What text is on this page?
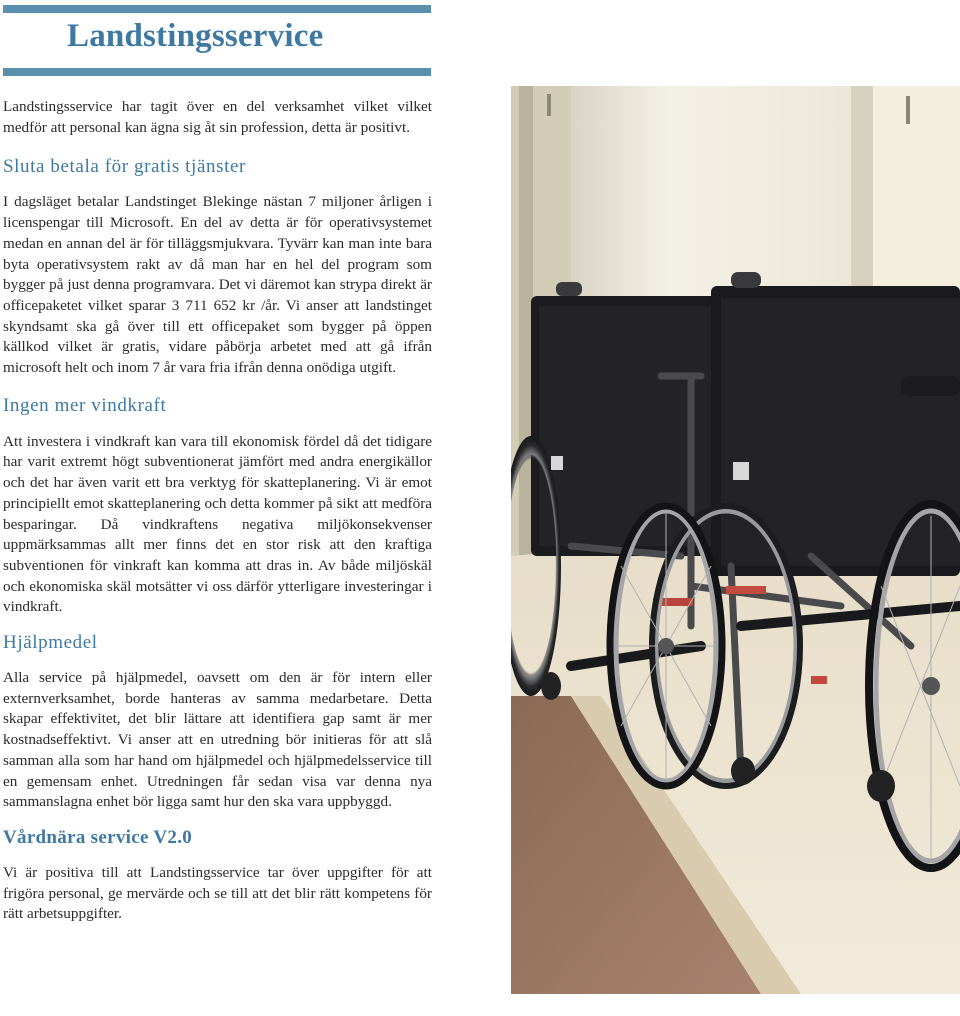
Landstingsservice

Landstingsservice har tagit över en del verksamhet vilket vilket medför att personal kan ägna sig åt sin profession, detta är positivt.

Sluta betala för gratis tjänster

I dagsläget betalar Landstinget Blekinge nästan 7 miljoner årligen i licenspengar till Microsoft. En del av detta är för operativsystemet medan en annan del är för tilläggsmjukvara. Tyvärr kan man inte bara byta operativsystem rakt av då man har en hel del program som bygger på just denna programvara. Det vi däremot kan strypa direkt är officepaketet vilket sparar 3 711 652 kr /år. Vi anser att landstinget skyndsamt ska gå över till ett officepaket som bygger på öppen källkod vilket är gratis, vidare påbörja arbetet med att gå ifrån microsoft helt och inom 7 år vara fria ifrån denna onödiga utgift.

Ingen mer vindkraft

Att investera i vindkraft kan vara till ekonomisk fördel då det tidigare har varit extremt högt subventionerat jämfört med andra energikällor och det har även varit ett bra verktyg för skatteplanering. Vi är emot principiellt emot skatteplanering och detta kommer på sikt att medföra besparingar. Då vindkraftens negativa miljökonsekvenser uppmärksammas allt mer finns det en stor risk att den kraftiga subventionen för vinkraft kan komma att dras in. Av både miljöskäl och ekonomiska skäl motsätter vi oss därför ytterligare investeringar i vindkraft.

Hjälpmedel

Alla service på hjälpmedel, oavsett om den är för intern eller externverksamhet, borde hanteras av samma medarbetare. Detta skapar effektivitet, det blir lättare att identifiera gap samt är mer kostnadseffektivt. Vi anser att en utredning bör initieras för att slå samman alla som har hand om hjälpmedel och hjälpmedelsservice till en gemensam enhet. Utredningen får sedan visa var denna nya sammanslagna enhet bör ligga samt hur den ska vara uppbyggd.

Vårdnära service V2.0

Vi är positiva till att Landstingsservice tar över uppgifter för att frigöra personal, ge mervärde och se till att det blir rätt kompetens för rätt arbetsuppgifter.
